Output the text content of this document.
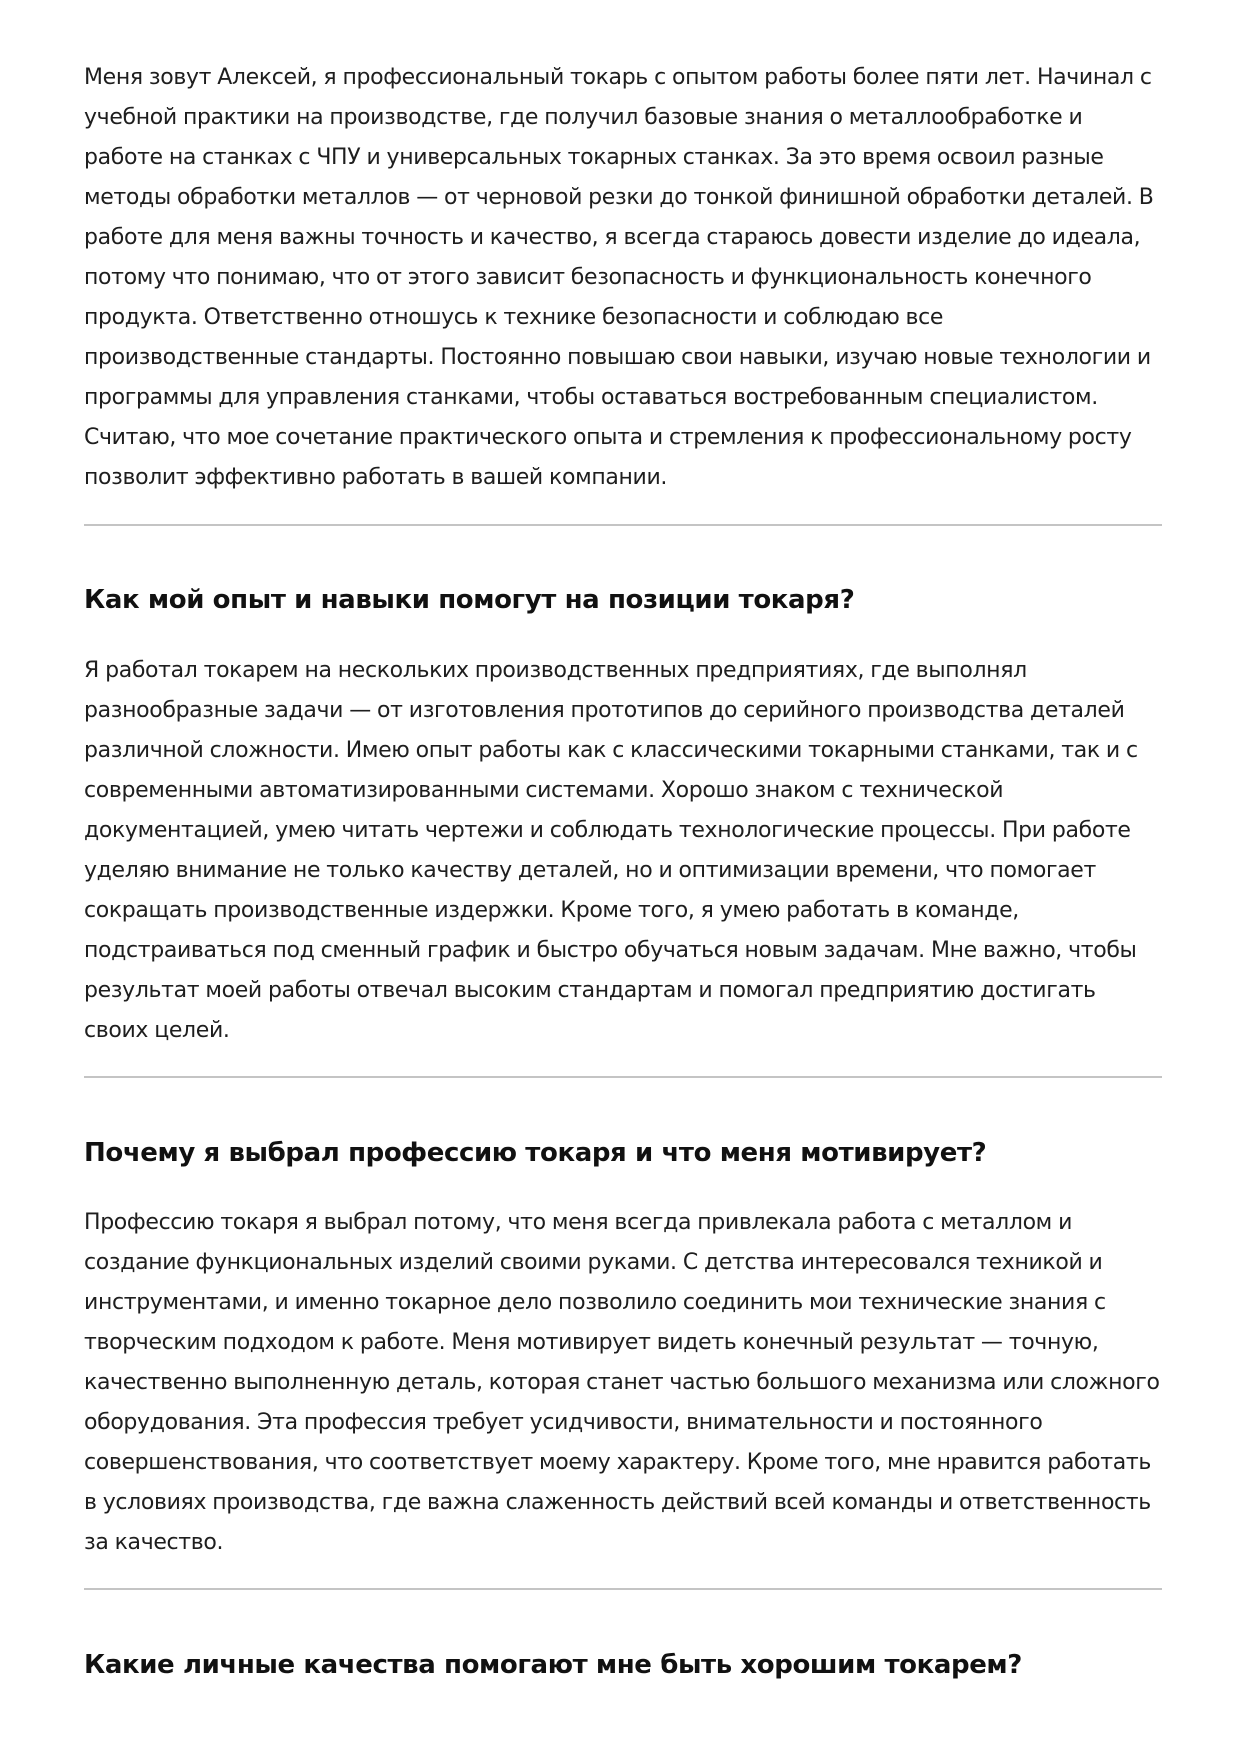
Меня зовут Алексей, я профессиональный токарь с опытом работы более пяти лет. Начинал с учебной практики на производстве, где получил базовые знания о металлообработке и работе на станках с ЧПУ и универсальных токарных станках. За это время освоил разные методы обработки металлов — от черновой резки до тонкой финишной обработки деталей. В работе для меня важны точность и качество, я всегда стараюсь довести изделие до идеала, потому что понимаю, что от этого зависит безопасность и функциональность конечного продукта. Ответственно отношусь к технике безопасности и соблюдаю все производственные стандарты. Постоянно повышаю свои навыки, изучаю новые технологии и программы для управления станками, чтобы оставаться востребованным специалистом. Считаю, что мое сочетание практического опыта и стремления к профессиональному росту позволит эффективно работать в вашей компании.

Как мой опыт и навыки помогут на позиции токаря?

Я работал токарем на нескольких производственных предприятиях, где выполнял разнообразные задачи — от изготовления прототипов до серийного производства деталей различной сложности. Имею опыт работы как с классическими токарными станками, так и с современными автоматизированными системами. Хорошо знаком с технической документацией, умею читать чертежи и соблюдать технологические процессы. При работе уделяю внимание не только качеству деталей, но и оптимизации времени, что помогает сокращать производственные издержки. Кроме того, я умею работать в команде, подстраиваться под сменный график и быстро обучаться новым задачам. Мне важно, чтобы результат моей работы отвечал высоким стандартам и помогал предприятию достигать своих целей.

Почему я выбрал профессию токаря и что меня мотивирует?

Профессию токаря я выбрал потому, что меня всегда привлекала работа с металлом и создание функциональных изделий своими руками. С детства интересовался техникой и инструментами, и именно токарное дело позволило соединить мои технические знания с творческим подходом к работе. Меня мотивирует видеть конечный результат — точную, качественно выполненную деталь, которая станет частью большого механизма или сложного оборудования. Эта профессия требует усидчивости, внимательности и постоянного совершенствования, что соответствует моему характеру. Кроме того, мне нравится работать в условиях производства, где важна слаженность действий всей команды и ответственность за качество.

Какие личные качества помогают мне быть хорошим токарем?
